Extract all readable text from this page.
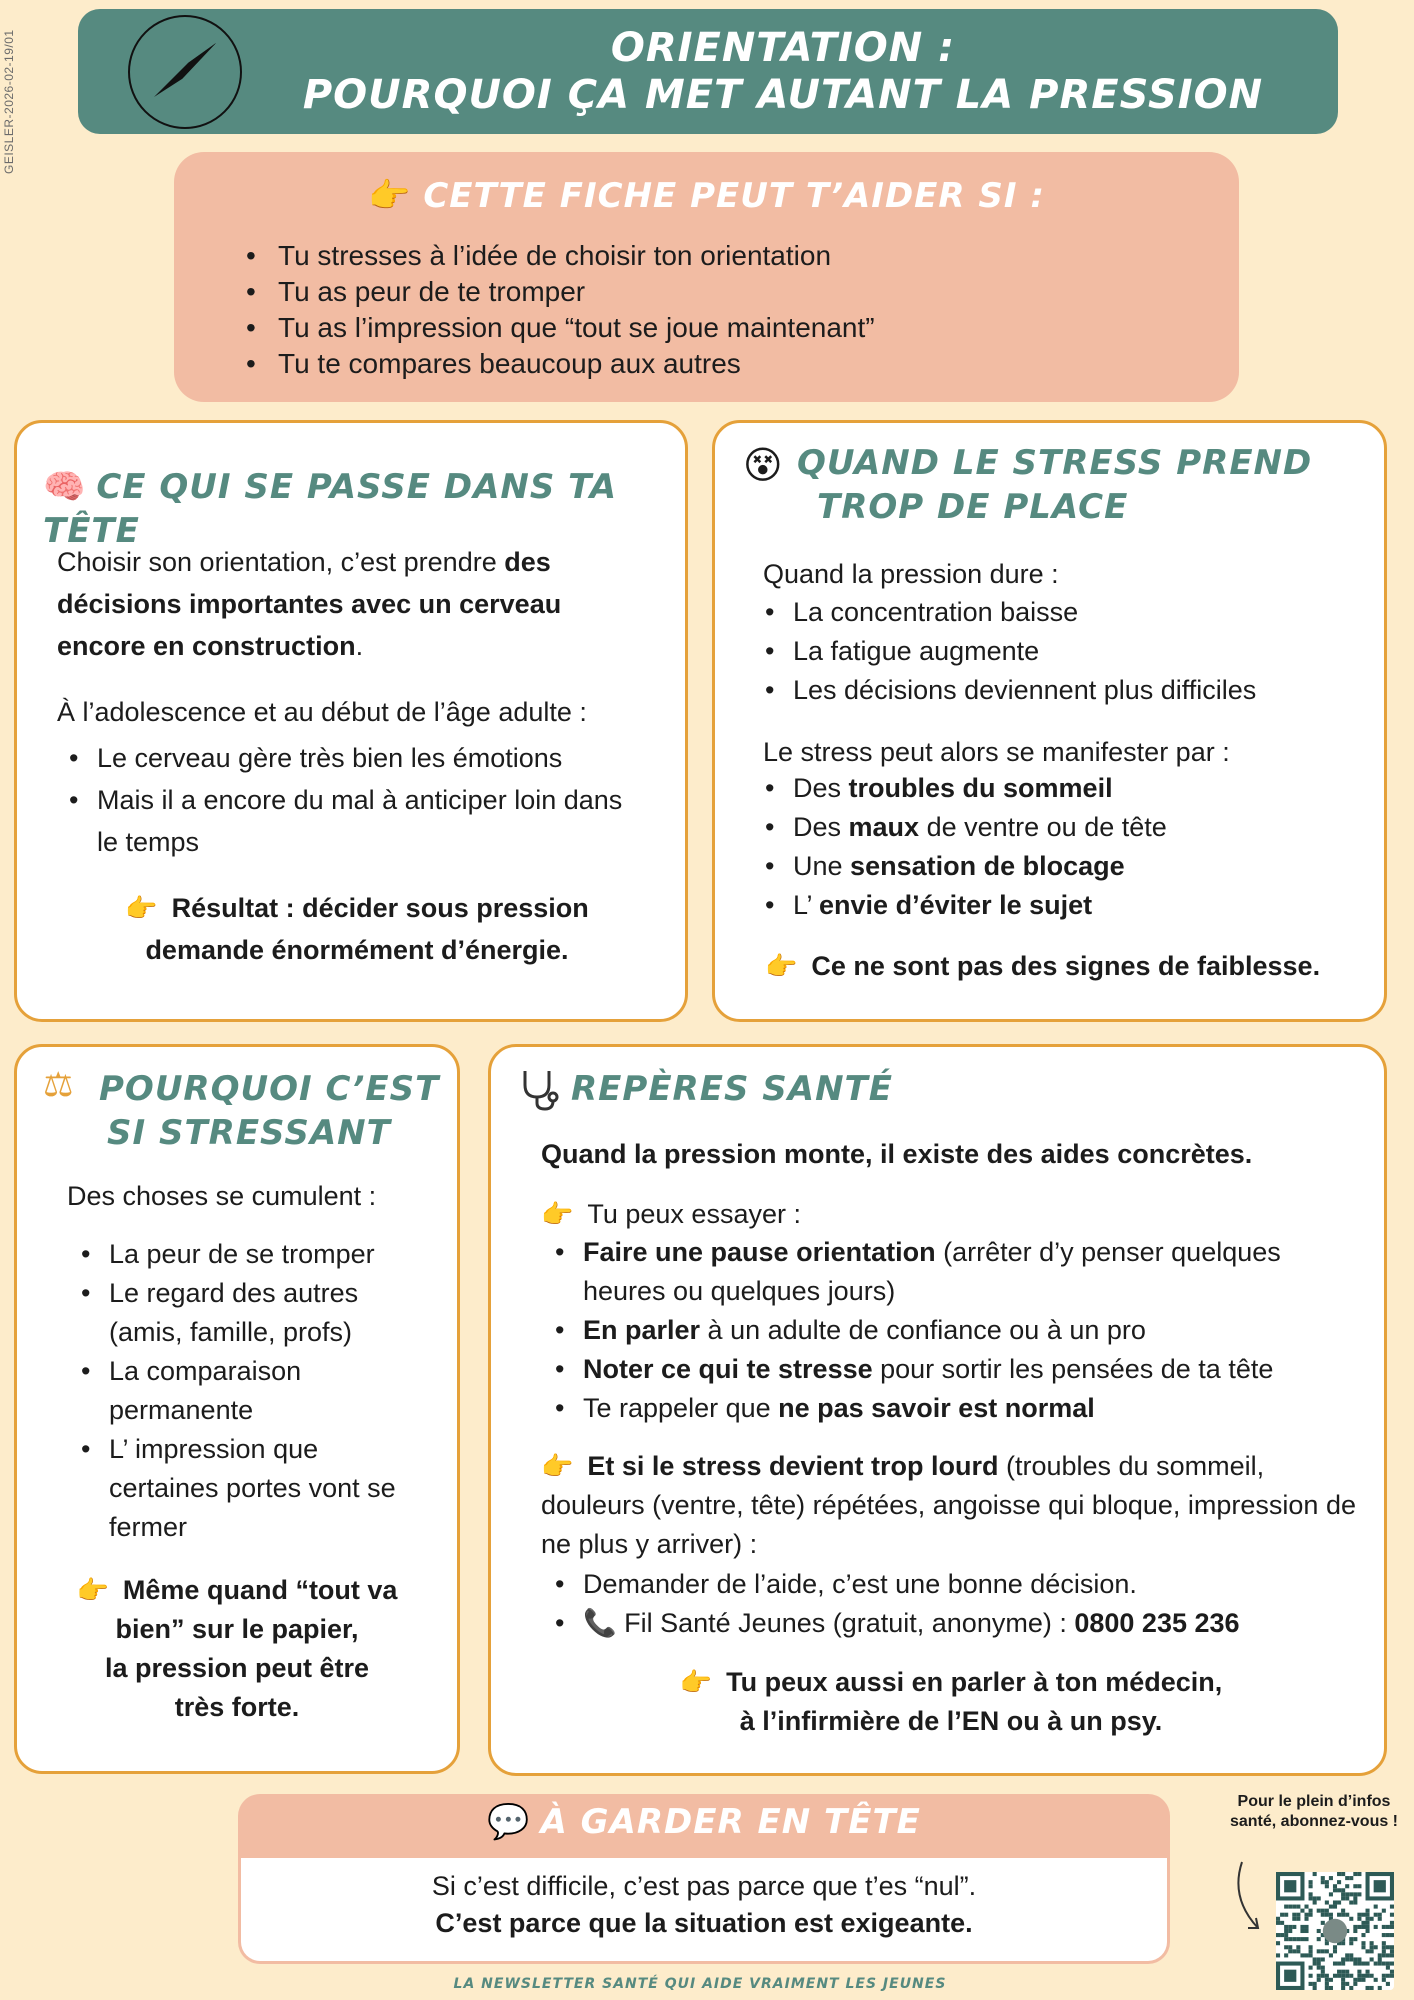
GEISLER-2026-02-19/01	ORIENTATION :
POURQUOI ÇA MET AUTANT LA PRESSION
👉 CETTE FICHE PEUT T’AIDER SI :
• Tu stresses à l’idée de choisir ton orientation
• Tu as peur de te tromper
• Tu as l’impression que “tout se joue maintenant”
• Tu te compares beaucoup aux autres
🧠 CE QUI SE PASSE DANS TA TÊTE
Choisir son orientation, c’est prendre des décisions importantes avec un cerveau encore en construction.
À l’adolescence et au début de l’âge adulte :
• Le cerveau gère très bien les émotions
• Mais il a encore du mal à anticiper loin dans le temps
👉 Résultat : décider sous pression
demande énormément d’énergie.
😵 QUAND LE STRESS PREND
TROP DE PLACE
Quand la pression dure :
• La concentration baisse
• La fatigue augmente
• Les décisions deviennent plus difficiles
Le stress peut alors se manifester par :
• Des troubles du sommeil
• Des maux de ventre ou de tête
• Une sensation de blocage
• L’ envie d’éviter le sujet
👉 Ce ne sont pas des signes de faiblesse.
⚖ POURQUOI C’EST
SI STRESSANT
Des choses se cumulent :
• La peur de se tromper
• Le regard des autres (amis, famille, profs)
• La comparaison permanente
• L’ impression que certaines portes vont se fermer
👉 Même quand “tout va
bien” sur le papier,
la pression peut être
très forte.
REPÈRES SANTÉ
Quand la pression monte, il existe des aides concrètes.
👉 Tu peux essayer :
• Faire une pause orientation (arrêter d’y penser quelques heures ou quelques jours)
• En parler à un adulte de confiance ou à un pro
• Noter ce qui te stresse pour sortir les pensées de ta tête
• Te rappeler que ne pas savoir est normal
👉 Et si le stress devient trop lourd (troubles du sommeil, douleurs (ventre, tête) répétées, angoisse qui bloque, impression de ne plus y arriver) :
• Demander de l’aide, c’est une bonne décision.
• 📞 Fil Santé Jeunes (gratuit, anonyme) : 0800 235 236
👉 Tu peux aussi en parler à ton médecin,
à l’infirmière de l’EN ou à un psy.
💬 À GARDER EN TÊTE
Si c’est difficile, c’est pas parce que t’es “nul”.
C’est parce que la situation est exigeante.
Pour le plein d’infos santé, abonnez-vous !
LA NEWSLETTER SANTÉ QUI AIDE VRAIMENT LES JEUNES
